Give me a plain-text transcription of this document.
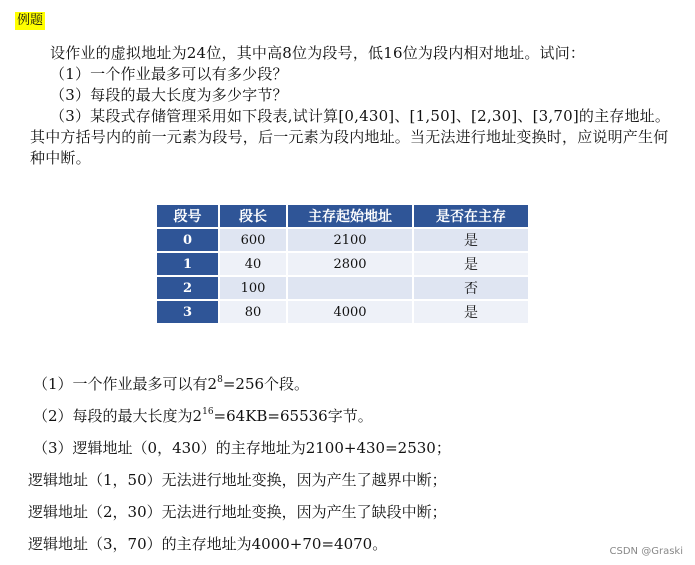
例题

设作业的虚拟地址为24位，其中高8位为段号，低16位为段内相对地址。试问：

（1）一个作业最多可以有多少段？

（3）每段的最大长度为多少字节？

（3）某段式存储管理采用如下段表,试计算[0,430]、[1,50]、[2,30]、[3,70]的主存地址。其中方括号内的前一元素为段号，后一元素为段内地址。当无法进行地址变换时，应说明产生何种中断。

段号	段长	主存起始地址	是否在主存
0	600	2100	是
1	40	2800	是
2	100		否
3	80	4000	是

（1）一个作业最多可以有$2^8=256$个段。

（2）每段的最大长度为$2^{16}=64KB=65536$字节。

（3）逻辑地址（0，430）的主存地址为2100+430=2530；

逻辑地址（1，50）无法进行地址变换，因为产生了越界中断；

逻辑地址（2，30）无法进行地址变换，因为产生了缺段中断；

逻辑地址（3，70）的主存地址为4000+70=4070。	CSDN @Graski
